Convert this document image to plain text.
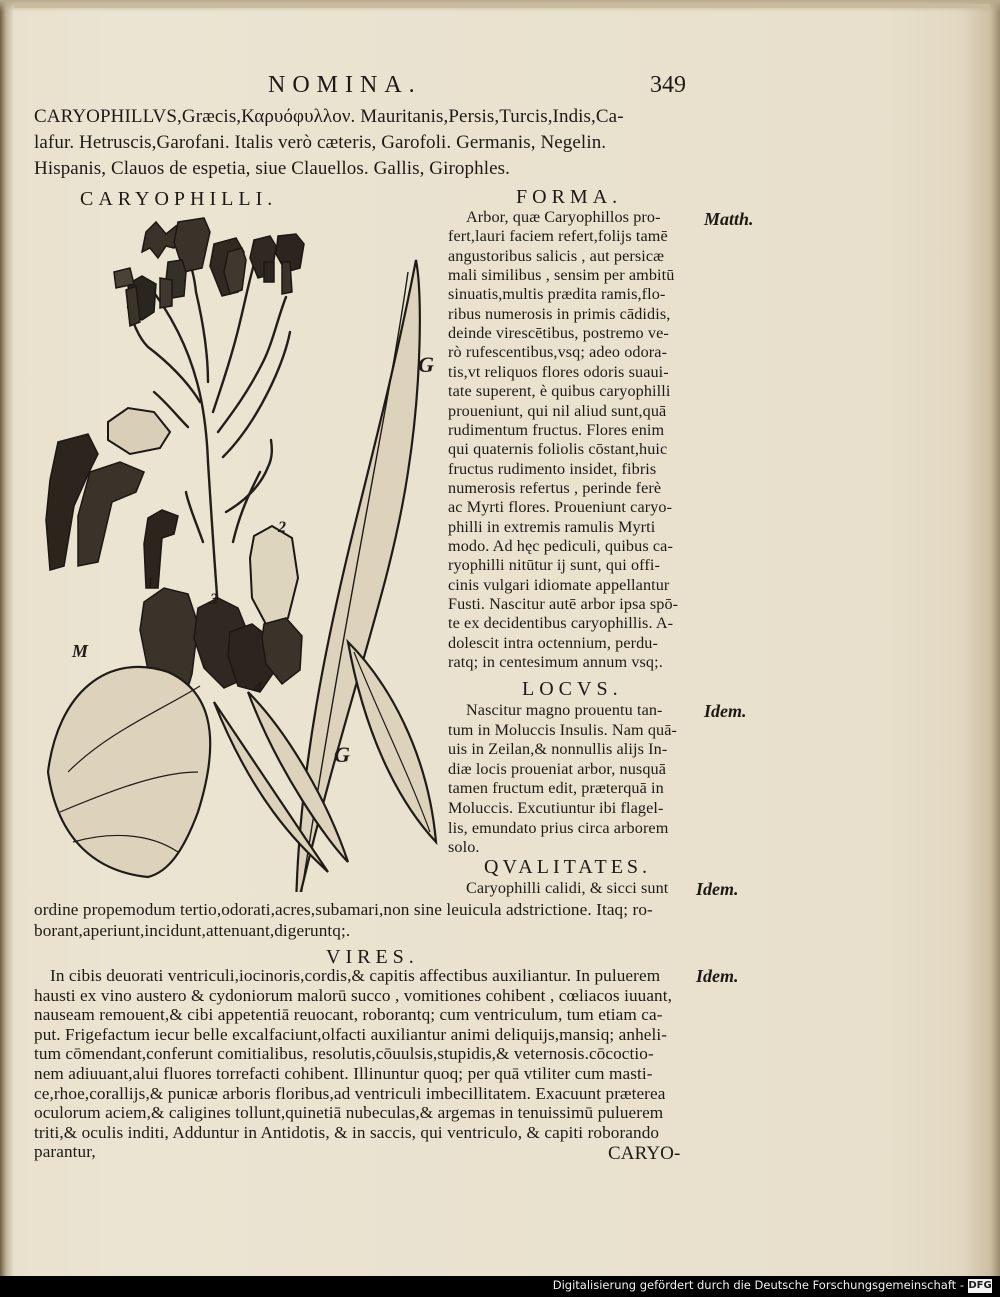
NOMINA.	349
CARYOPHILLVS,Græcis,Καρυόφυλλον. Mauritanis,Persis,Turcis,Indis,Ca-
lafur. Hetruscis,Garofani. Italis verò cæteris, Garofoli. Germanis, Negelin.
Hispanis, Clauos de espetia, siue Clauellos. Gallis, Girophles.
CARYOPHILLI.
G
G
M
1
2
3
4
FORMA.
Matth.
Arbor, quæ Caryophillos pro-
fert,lauri faciem refert,folijs tamē
angustoribus salicis , aut persicæ
mali similibus , sensim per ambitū
sinuatis,multis prædita ramis,flo-
ribus numerosis in primis cādidis,
deinde virescētibus, postremo ve-
rò rufescentibus,vsq; adeo odora-
tis,vt reliquos flores odoris suaui-
tate superent, è quibus caryophilli
proueniunt, qui nil aliud sunt,quā
rudimentum fructus. Flores enim
qui quaternis foliolis cōstant,huic
fructus rudimento insidet, fibris
numerosis refertus , perinde ferè
ac Myrti flores. Proueniunt caryo-
philli in extremis ramulis Myrti
modo. Ad hęc pediculi, quibus ca-
ryophilli nitūtur ij sunt, qui offi-
cinis vulgari idiomate appellantur
Fusti. Nascitur autē arbor ipsa spō-
te ex decidentibus caryophillis. A-
dolescit intra octennium, perdu-
ratq; in centesimum annum vsq;.
LOCVS.
Idem.
Nascitur magno prouentu tan-
tum in Moluccis Insulis. Nam quā-
uis in Zeilan,& nonnullis alijs In-
diæ locis proueniat arbor, nusquā
tamen fructum edit, præterquā in
Moluccis. Excutiuntur ibi flagel-
lis, emundato prius circa arborem
solo.
QVALITATES.
Idem.
Caryophilli calidi, & sicci sunt
ordine propemodum tertio,odorati,acres,subamari,non sine leuicula adstrictione. Itaq; ro-
borant,aperiunt,incidunt,attenuant,digeruntq;.
VIRES.
Idem.
In cibis deuorati ventriculi,iocinoris,cordis,& capitis affectibus auxiliantur. In puluerem
hausti ex vino austero & cydoniorum malorū succo , vomitiones cohibent , cœliacos iuuant,
nauseam remouent,& cibi appetentiā reuocant, roborantq; cum ventriculum, tum etiam ca-
put. Frigefactum iecur belle excalfaciunt,olfacti auxiliantur animi deliquijs,mansiq; anheli-
tum cōmendant,conferunt comitialibus, resolutis,cōuulsis,stupidis,& veternosis.cōcoctio-
nem adiuuant,alui fluores torrefacti cohibent. Illinuntur quoq; per quā vtiliter cum masti-
ce,rhoe,corallijs,& punicæ arboris floribus,ad ventriculi imbecillitatem. Exacuunt præterea
oculorum aciem,& caligines tollunt,quinetiā nubeculas,& argemas in tenuissimū puluerem
triti,& oculis inditi, Adduntur in Antidotis, & in saccis, qui ventriculo, & capiti roborando
parantur,	CARYO-
Digitalisierung gefördert durch die Deutsche Forschungsgemeinschaft - DFG
